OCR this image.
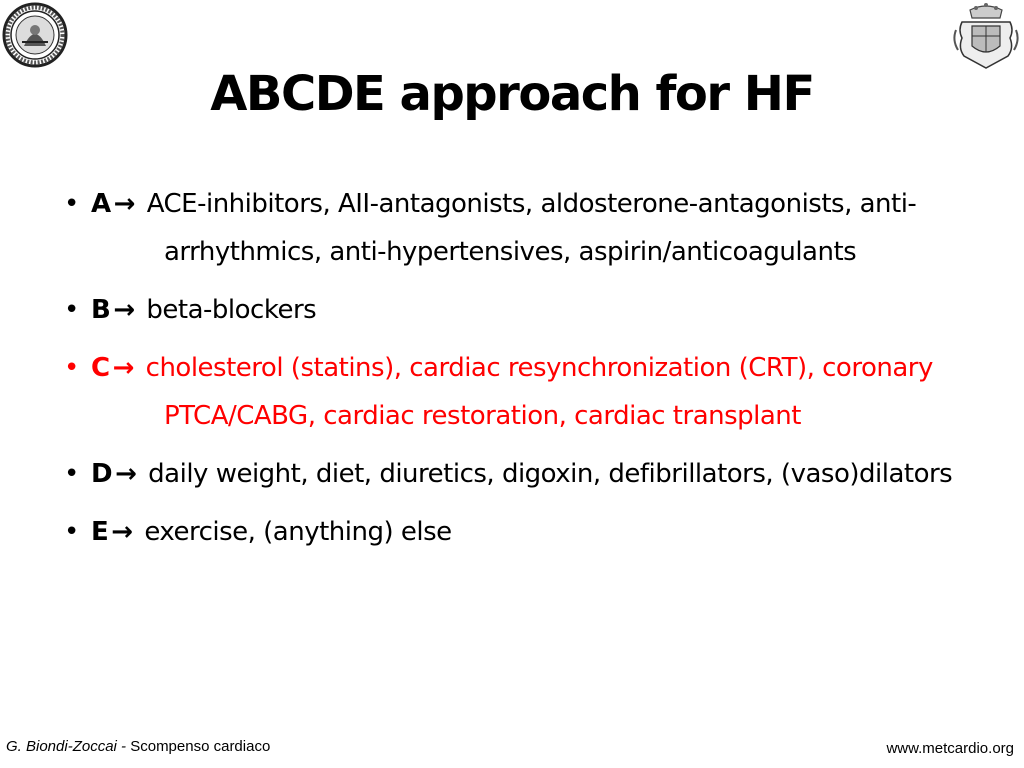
ABCDE approach for HF
• A → ACE-inhibitors, AII-antagonists, aldosterone-antagonists, anti-arrhythmics, anti-hypertensives, aspirin/anticoagulants
• B → beta-blockers
• C → cholesterol (statins), cardiac resynchronization (CRT), coronary PTCA/CABG, cardiac restoration, cardiac transplant
• D → daily weight, diet, diuretics, digoxin, defibrillators, (vaso)dilators
• E → exercise, (anything) else
G. Biondi-Zoccai - Scompenso cardiaco	www.metcardio.org
